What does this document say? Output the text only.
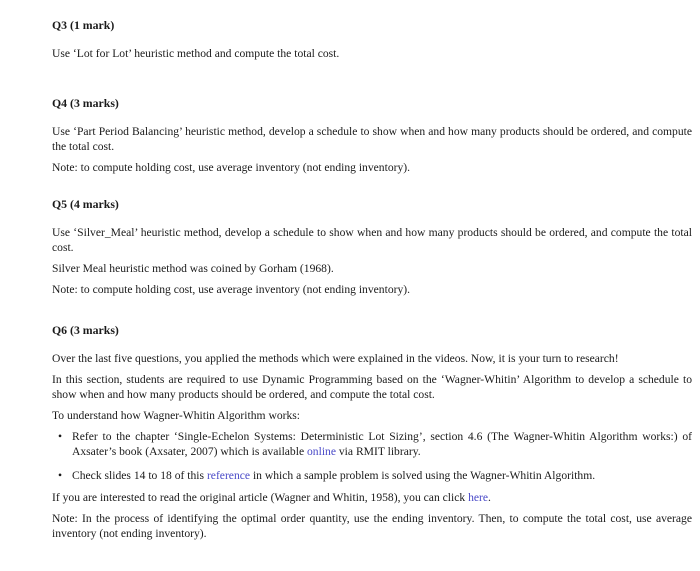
Q3 (1 mark)

Use ‘Lot for Lot’ heuristic method and compute the total cost.

Q4 (3 marks)

Use ‘Part Period Balancing’ heuristic method, develop a schedule to show when and how many products should be ordered, and compute the total cost.

Note: to compute holding cost, use average inventory (not ending inventory).

Q5 (4 marks)

Use ‘Silver_Meal’ heuristic method, develop a schedule to show when and how many products should be ordered, and compute the total cost.

Silver Meal heuristic method was coined by Gorham (1968).

Note: to compute holding cost, use average inventory (not ending inventory).

Q6 (3 marks)

Over the last five questions, you applied the methods which were explained in the videos. Now, it is your turn to research!

In this section, students are required to use Dynamic Programming based on the ‘Wagner-Whitin’ Algorithm to develop a schedule to show when and how many products should be ordered, and compute the total cost.

To understand how Wagner-Whitin Algorithm works:

• Refer to the chapter ‘Single-Echelon Systems: Deterministic Lot Sizing’, section 4.6 (The Wagner-Whitin Algorithm works:) of Axsater’s book (Axsater, 2007) which is available online via RMIT library.
• Check slides 14 to 18 of this reference in which a sample problem is solved using the Wagner-Whitin Algorithm.

If you are interested to read the original article (Wagner and Whitin, 1958), you can click here.

Note: In the process of identifying the optimal order quantity, use the ending inventory. Then, to compute the total cost, use average inventory (not ending inventory).
